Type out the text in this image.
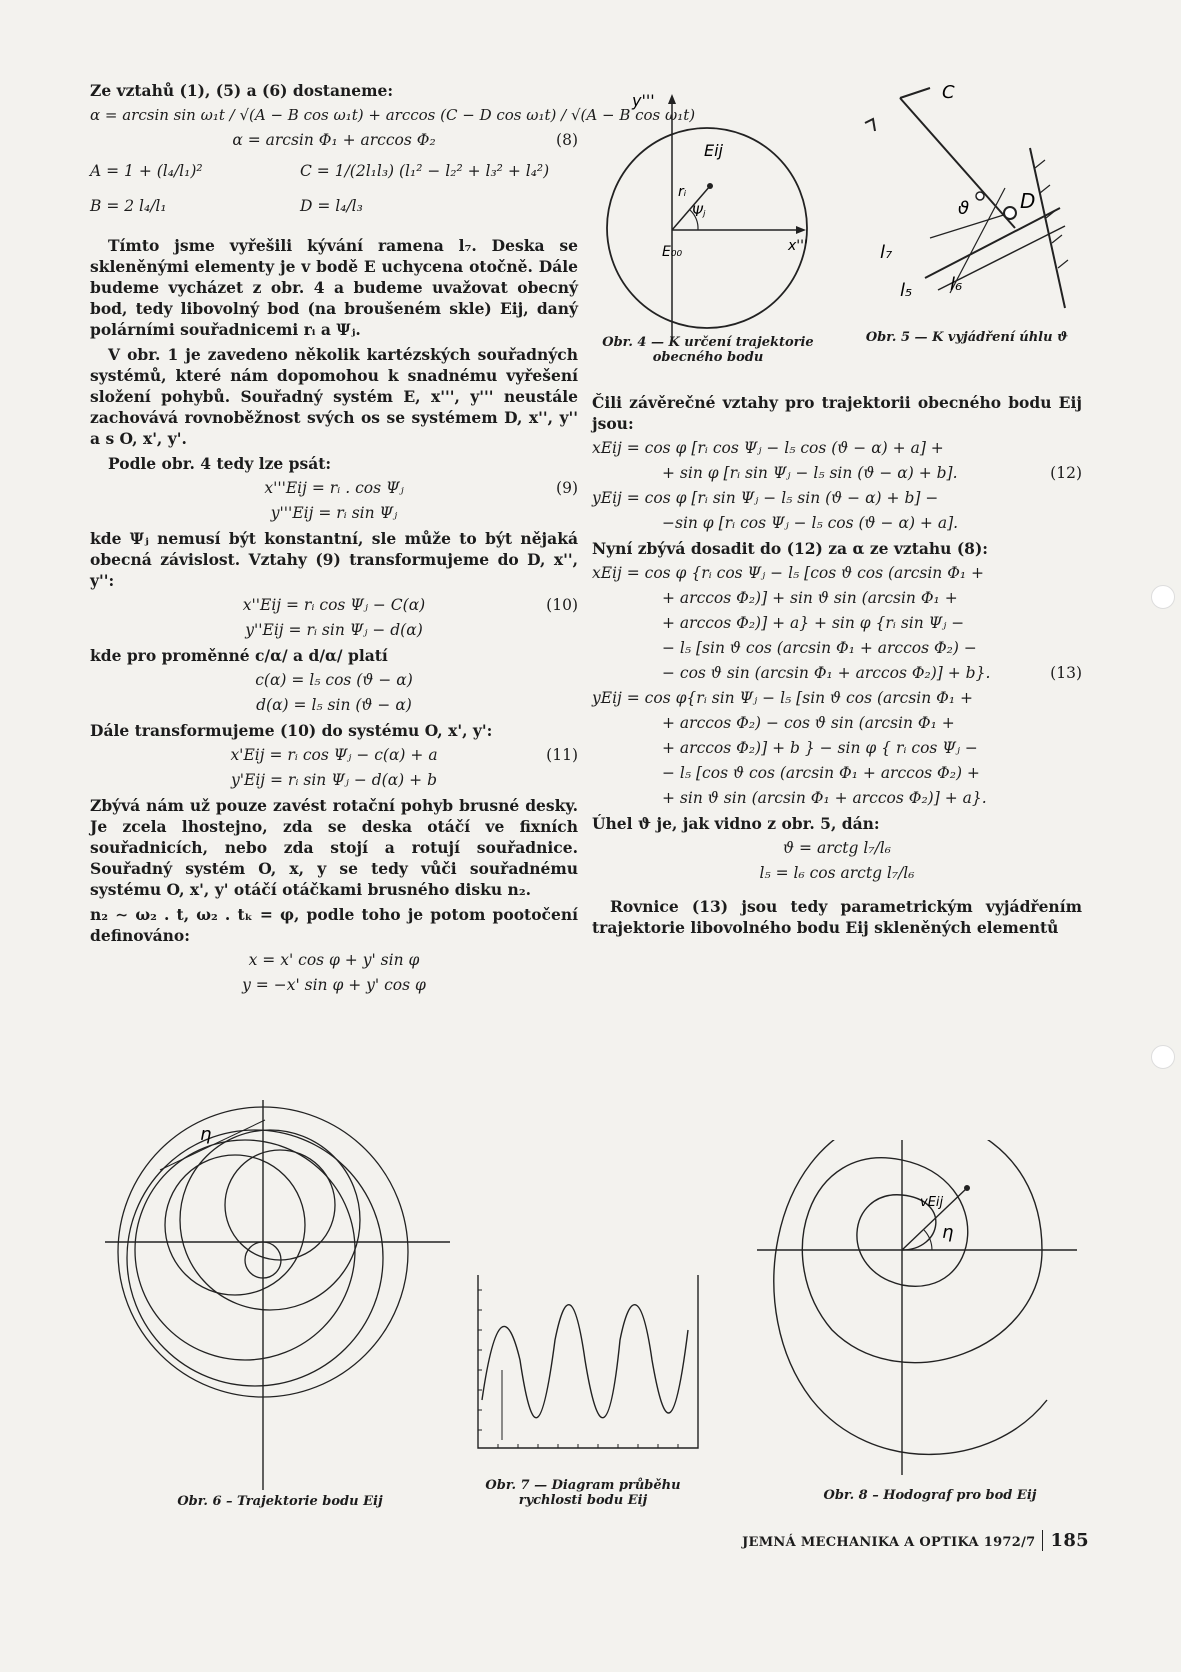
Ze vztahů (1), (5) a (6) dostaneme:

α = arcsin sin ω₁t / √(A − B cos ω₁t) + arccos (C − D cos ω₁t) / √(A − B cos ω₁t)
α = arcsin Φ₁ + arccos Φ₂	(8)
A = 1 + (l₄/l₁)²	C = 1/(2l₁l₃) (l₁² − l₂² + l₃² + l₄²)
B = 2 l₄/l₁	D = l₄/l₃

Tímto jsme vyřešili kývání ramena l₇. Deska se skleněnými elementy je v bodě E uchycena otočně. Dále budeme vycházet z obr. 4 a budeme uvažovat obecný bod, tedy libovolný bod (na broušeném skle) Eij, daný polárními souřadnicemi rᵢ a Ψⱼ.

V obr. 1 je zavedeno několik kartézských souřadných systémů, které nám dopomohou k snadnému vyřešení složení pohybů. Souřadný systém E, x''', y''' neustále zachovává rovnoběžnost svých os se systémem D, x'', y'' a s O, x', y'.

Podle obr. 4 tedy lze psát:

x'''Eij = rᵢ . cos Ψⱼ	(9)
y'''Eij = rᵢ sin Ψⱼ

kde Ψⱼ nemusí být konstantní, sle může to být nějaká obecná závislost. Vztahy (9) transformujeme do D, x'', y'':

x''Eij = rᵢ cos Ψⱼ − C(α)	(10)
y''Eij = rᵢ sin Ψⱼ − d(α)

kde pro proměnné c/α/ a d/α/ platí

c(α) = l₅ cos (ϑ − α)
d(α) = l₅ sin (ϑ − α)

Dále transformujeme (10) do systému O, x', y':

x'Eij = rᵢ cos Ψⱼ − c(α) + a	(11)
y'Eij = rᵢ sin Ψⱼ − d(α) + b

Zbývá nám už pouze zavést rotační pohyb brusné desky. Je zcela lhostejno, zda se deska otáčí ve fixních souřadnicích, nebo zda stojí a rotují souřadnice. Souřadný systém O, x, y se tedy vůči souřadnému systému O, x', y' otáčí otáčkami brusného disku n₂.

n₂ ∼ ω₂ . t, ω₂ . tₖ = φ, podle toho je potom pootočení definováno:

x = x' cos φ + y' sin φ
y = −x' sin φ + y' cos φ

Čili závěrečné vztahy pro trajektorii obecného bodu Eij jsou:

xEij = cos φ [rᵢ cos Ψⱼ − l₅ cos (ϑ − α) + a] +
+ sin φ [rᵢ sin Ψⱼ − l₅ sin (ϑ − α) + b].	(12)
yEij = cos φ [rᵢ sin Ψⱼ − l₅ sin (ϑ − α) + b] −
−sin φ [rᵢ cos Ψⱼ − l₅ cos (ϑ − α) + a].

Nyní zbývá dosadit do (12) za α ze vztahu (8):

xEij = cos φ {rᵢ cos Ψⱼ − l₅ [cos ϑ cos (arcsin Φ₁ +
+ arccos Φ₂)] + sin ϑ sin (arcsin Φ₁ +
+ arccos Φ₂)] + a} + sin φ {rᵢ sin Ψⱼ −
− l₅ [sin ϑ cos (arcsin Φ₁ + arccos Φ₂) −
− cos ϑ sin (arcsin Φ₁ + arccos Φ₂)] + b}.	(13)
yEij = cos φ{rᵢ sin Ψⱼ − l₅ [sin ϑ cos (arcsin Φ₁ +
+ arccos Φ₂) − cos ϑ sin (arcsin Φ₁ +
+ arccos Φ₂)] + b } − sin φ { rᵢ cos Ψⱼ −
− l₅ [cos ϑ cos (arcsin Φ₁ + arccos Φ₂) +
+ sin ϑ sin (arcsin Φ₁ + arccos Φ₂)] + a}.

Úhel ϑ je, jak vidno z obr. 5, dán:

ϑ = arctg l₇/l₆
l₅ = l₆ cos arctg l₇/l₆

Rovnice (13) jsou tedy parametrickým vyjádřením trajektorie libovolného bodu Eij skleněných elementů

y'''
x'''
Eij
rᵢ
Ψⱼ
E₀₀
C
D
ϑ
l₇
l₅ l₆
Obr. 4 — K určení trajektorie obecného bodu
Obr. 5 — K vyjádření úhlu ϑ
η
Obr. 6 – Trajektorie bodu Eij
Obr. 7 — Diagram průběhu rychlosti bodu Eij
vEij
η
Obr. 8 – Hodograf pro bod Eij
JEMNÁ MECHANIKA A OPTIKA 1972/7 185
